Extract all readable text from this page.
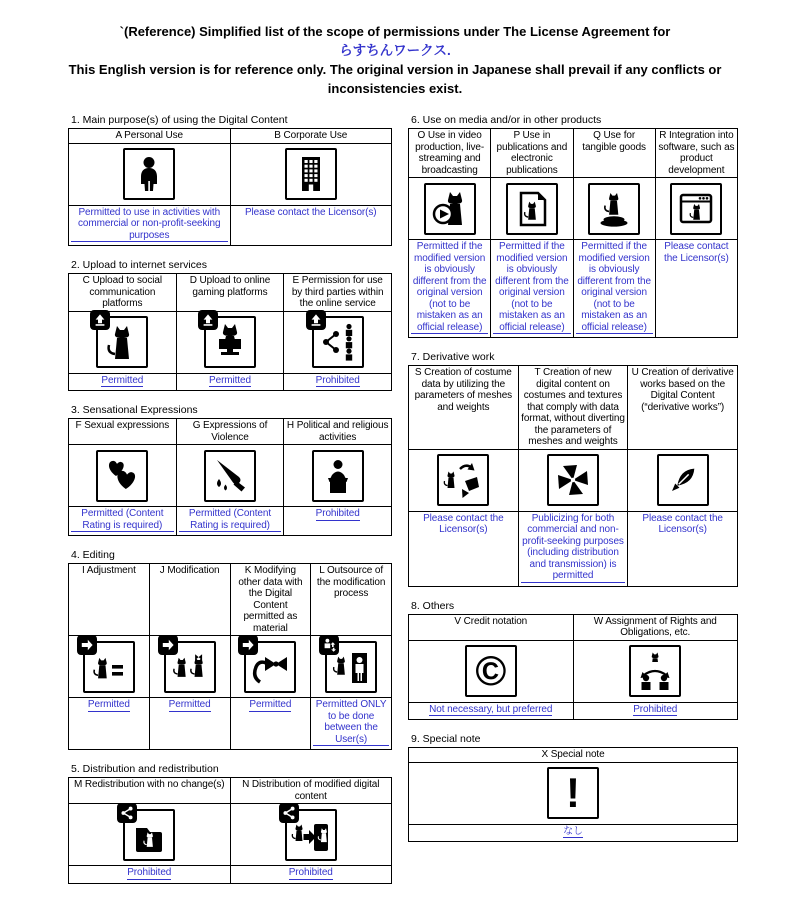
`(Reference) Simplified list of the scope of permissions under The License Agreement for
らすちんワークス.
This English version is for reference only. The original version in Japanese shall prevail if any conflicts or inconsistencies exist.
1. Main purpose(s) of using the Digital Content
A Personal Use	B Corporate Use

Permitted to use in activities with commercial or non-profit-seeking purposes	Please contact the Licensor(s)
2. Upload to internet services
C Upload to social communication platforms	D Upload to online gaming platforms	E Permission for use by third parties within the online service

Permitted	Permitted	Prohibited
3. Sensational Expressions
F Sexual expressions	G Expressions of Violence	H Political and religious activities

Permitted (Content Rating is required)	Permitted (Content Rating is required)	Prohibited
4. Editing
I Adjustment	J Modification	K Modifying other data with the Digital Content permitted as material	L Outsource of the modification process

Permitted	Permitted	Permitted	Permitted ONLY to be done between the User(s)
5. Distribution and redistribution
M Redistribution with no change(s)	N Distribution of modified digital content

Prohibited	Prohibited
6. Use on media and/or in other products
O Use in video production, live-streaming and broadcasting	P Use in publications and electronic publications	Q Use for tangible goods	R Integration into software, such as product development

Permitted if the modified version is obviously different from the original version (not to be mistaken as an official release)	Permitted if the modified version is obviously different from the original version (not to be mistaken as an official release)	Permitted if the modified version is obviously different from the original version (not to be mistaken as an official release)	Please contact the Licensor(s)
7. Derivative work
S Creation of costume data by utilizing the parameters of meshes and weights	T Creation of new digital content on costumes and textures that comply with data format, without diverting the parameters of meshes and weights	U Creation of derivative works based on the Digital Content (“derivative works”)

Please contact the Licensor(s)	Publicizing for both commercial and non-profit-seeking purposes (including distribution and transmission) is permitted	Please contact the Licensor(s)
8. Others
V Credit notation	W Assignment of Rights and Obligations, etc.

©

Not necessary, but preferred	Prohibited
9. Special note
X Special note

!

なし
